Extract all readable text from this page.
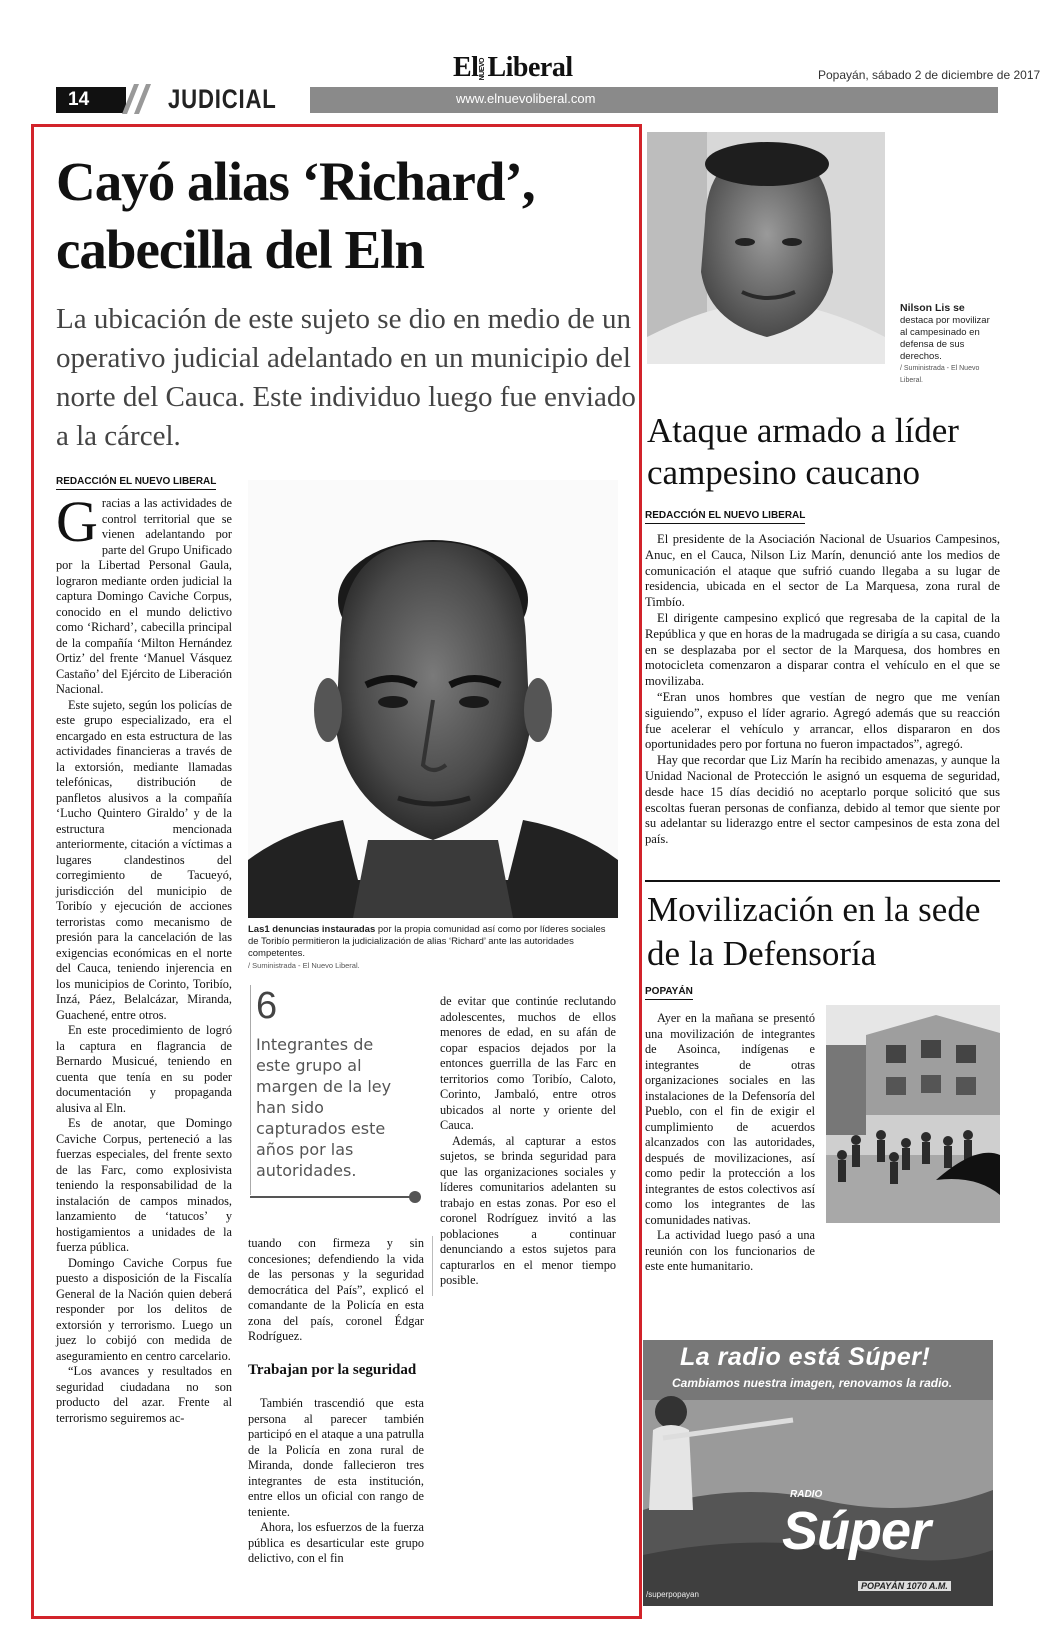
ElNUEVOLiberal	Popayán, sábado 2 de diciembre de 2017
14	JUDICIAL	www.elnuevoliberal.com
Cayó alias ‘Richard’,
cabecilla del Eln
La ubicación de este sujeto se dio en medio de un operativo judicial adelantado en un municipio del norte del Cauca. Este individuo luego fue enviado a la cárcel.
REDACCIÓN EL NUEVO LIBERAL

Gracias a las actividades de control territorial que se vienen adelantando por parte del Grupo Unificado por la Libertad Personal Gaula, lograron mediante orden judicial la captura Domingo Caviche Corpus, conocido en el mundo delictivo como ‘Richard’, cabecilla principal de la compañía ‘Milton Hernández Ortiz’ del frente ‘Manuel Vásquez Castaño’ del Ejército de Liberación Nacional.

Este sujeto, según los policías de este grupo especializado, era el encargado en esta estructura de las actividades financieras a través de la extorsión, mediante llamadas telefónicas, distribución de panfletos alusivos a la compañía ‘Lucho Quintero Giraldo’ y de la estructura mencionada anteriormente, citación a víctimas a lugares clandestinos del corregimiento de Tacueyó, jurisdicción del municipio de Toribío y ejecución de acciones terroristas como mecanismo de presión para la cancelación de las exigencias económicas en el norte del Cauca, teniendo injerencia en los municipios de Corinto, Toribío, Inzá, Páez, Belalcázar, Miranda, Guachené, entre otros.

En este procedimiento de logró la captura en flagrancia de Bernardo Musicué, teniendo en cuenta que tenía en su poder documentación y propaganda alusiva al Eln.

Es de anotar, que Domingo Caviche Corpus, perteneció a las fuerzas especiales, del frente sexto de las Farc, como explosivista teniendo la responsabilidad de la instalación de campos minados, lanzamiento de ‘tatucos’ y hostigamientos a unidades de la fuerza pública.

Domingo Caviche Corpus fue puesto a disposición de la Fiscalía General de la Nación quien deberá responder por los delitos de extorsión y terrorismo. Luego un juez lo cobijó con medida de aseguramiento en centro carcelario.

“Los avances y resultados en seguridad ciudadana no son producto del azar. Frente al terrorismo seguiremos ac-

Las1 denuncias instauradas por la propia comunidad así como por líderes sociales de Toribío permitieron la judicialización de alias ‘Richard’ ante las autoridades competentes.
/ Suministrada - El Nuevo Liberal.
6
Integrantes de este grupo al margen de la ley han sido capturados este años por las autoridades.

de evitar que continúe reclutando adolescentes, muchos de ellos menores de edad, en su afán de copar espacios dejados por la entonces guerrilla de las Farc en territorios como Toribío, Caloto, Corinto, Jambaló, entre otros ubicados al norte y oriente del Cauca.

Además, al capturar a estos sujetos, se brinda seguridad para que las organizaciones sociales y líderes comunitarios adelanten su trabajo en estas zonas. Por eso el coronel Rodríguez invitó a las poblaciones a continuar denunciando a estos sujetos para capturarlos en el menor tiempo posible.

tuando con firmeza y sin concesiones; defendiendo la vida de las personas y la seguridad democrática del País”, explicó el comandante de la Policía en esta zona del país, coronel Édgar Rodríguez.

Trabajan por la seguridad

También trascendió que esta persona al parecer también participó en el ataque a una patrulla de la Policía en zona rural de Miranda, donde fallecieron tres integrantes de esta institución, entre ellos un oficial con rango de teniente.

Ahora, los esfuerzos de la fuerza pública es desarticular este grupo delictivo, con el fin

Nilson Lis se
destaca por movilizar al campesinado en defensa de sus derechos.
/ Suministrada - El Nuevo Liberal.
Ataque armado a líder campesino caucano
REDACCIÓN EL NUEVO LIBERAL

El presidente de la Asociación Nacional de Usuarios Campesinos, Anuc, en el Cauca, Nilson Liz Marín, denunció ante los medios de comunicación el ataque que sufrió cuando llegaba a su lugar de residencia, ubicada en el sector de La Marquesa, zona rural de Timbío.

El dirigente campesino explicó que regresaba de la capital de la República y que en horas de la madrugada se dirigía a su casa, cuando en se desplazaba por el sector de la Marquesa, dos hombres en motocicleta comenzaron a disparar contra el vehículo en el que se movilizaba.

“Eran unos hombres que vestían de negro que me venían siguiendo”, expuso el líder agrario. Agregó además que su reacción fue acelerar el vehículo y arrancar, ellos dispararon en dos oportunidades pero por fortuna no fueron impactados”, agregó.

Hay que recordar que Liz Marín ha recibido amenazas, y aunque la Unidad Nacional de Protección le asignó un esquema de seguridad, desde hace 15 días decidió no aceptarlo porque solicitó que sus escoltas fueran personas de confianza, debido al temor que siente por su adelantar su liderazgo entre el sector campesinos de esta zona del país.

Movilización en la sede de la Defensoría
POPAYÁN

Ayer en la mañana se presentó una movilización de integrantes de Asoinca, indígenas e integrantes de otras organizaciones sociales en las instalaciones de la Defensoría del Pueblo, con el fin de exigir el cumplimiento de acuerdos alcanzados con las autoridades, después de movilizaciones, así como pedir la protección a los integrantes de estos colectivos así como los integrantes de las comunidades nativas.

La actividad luego pasó a una reunión con los funcionarios de este ente humanitario.

La radio está Súper!
Cambiamos nuestra imagen, renovamos la radio.
RADIO
Súper
POPAYÁN 1070 A.M.
/superpopayan
